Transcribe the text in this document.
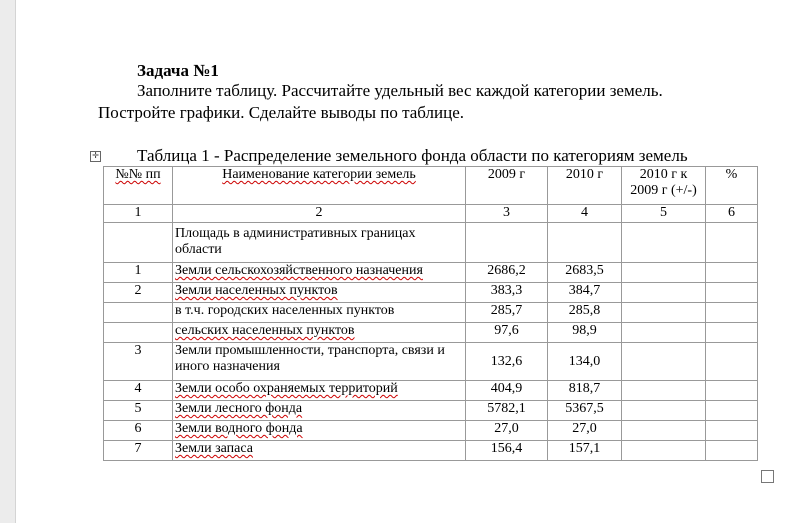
Задача №1
Заполните таблицу. Рассчитайте удельный вес каждой категории земель.
Постройте графики. Сделайте выводы по таблице.
✛ Таблица 1 - Распределение земельного фонда области по категориям земель
№№ пп	Наименование категории земель	2009 г	2010 г	2010 г к 2009 г (+/-)	%
1	2	3	4	5	6
	Площадь в административных границах области				
1	Земли сельскохозяйственного назначения	2686,2	2683,5		
2	Земли населенных пунктов	383,3	384,7		
	в т.ч. городских населенных пунктов	285,7	285,8		
	сельских населенных пунктов	97,6	98,9		
3	Земли промышленности, транспорта, связи и иного назначения	132,6	134,0		
4	Земли особо охраняемых территорий	404,9	818,7		
5	Земли лесного фонда	5782,1	5367,5		
6	Земли водного фонда	27,0	27,0		
7	Земли запаса	156,4	157,1		
